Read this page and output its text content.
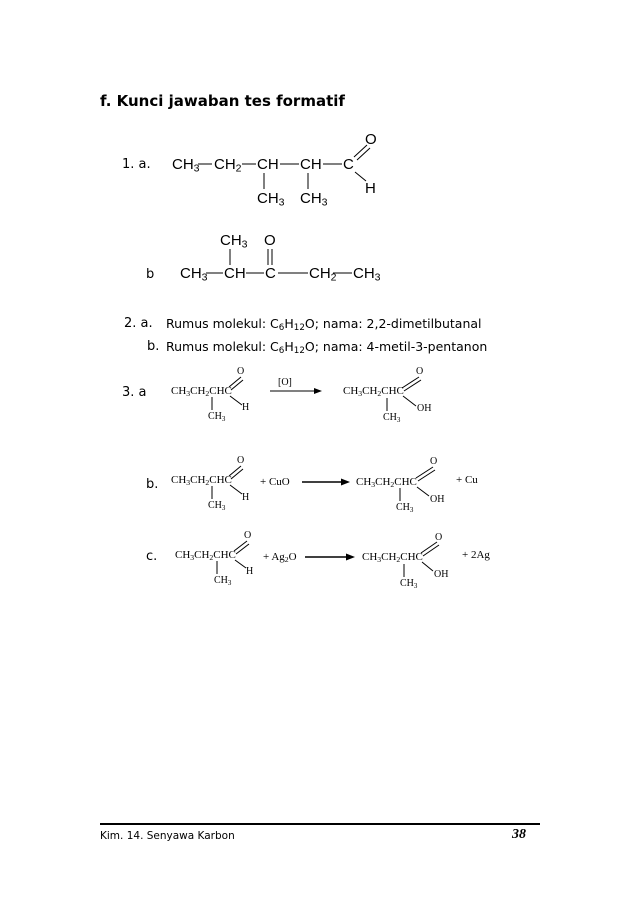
f. Kunci jawaban tes formatif
1. a. $CH_3$ $CH_2$ CH CH C
O
H
$CH_3$ $CH_3$
b
$CH_3$ O
$CH_3$ CH C $CH_2$ $CH_3$
2. a. Rumus molekul: $C_6H_{12}O$; nama: 2,2-dimetilbutanal
b. Rumus molekul: $C_6H_{12}O$; nama: 4-metil-3-pentanon
3. a $CH_3CH_2CHC$
O
H
$CH_3$
[O]
$CH_3CH_2CHC$
O
OH
$CH_3$
b. $CH_3CH_2CHC$
O
H
$CH_3$
+ CuO	$CH_3CH_2CHC$
O
OH
$CH_3$
+ Cu
c. $CH_3CH_2CHC$
O
H
$CH_3$
+ $Ag_2O$	$CH_3CH_2CHC$
O
OH
$CH_3$
+ 2Ag
Kim. 14. Senyawa Karbon	38
